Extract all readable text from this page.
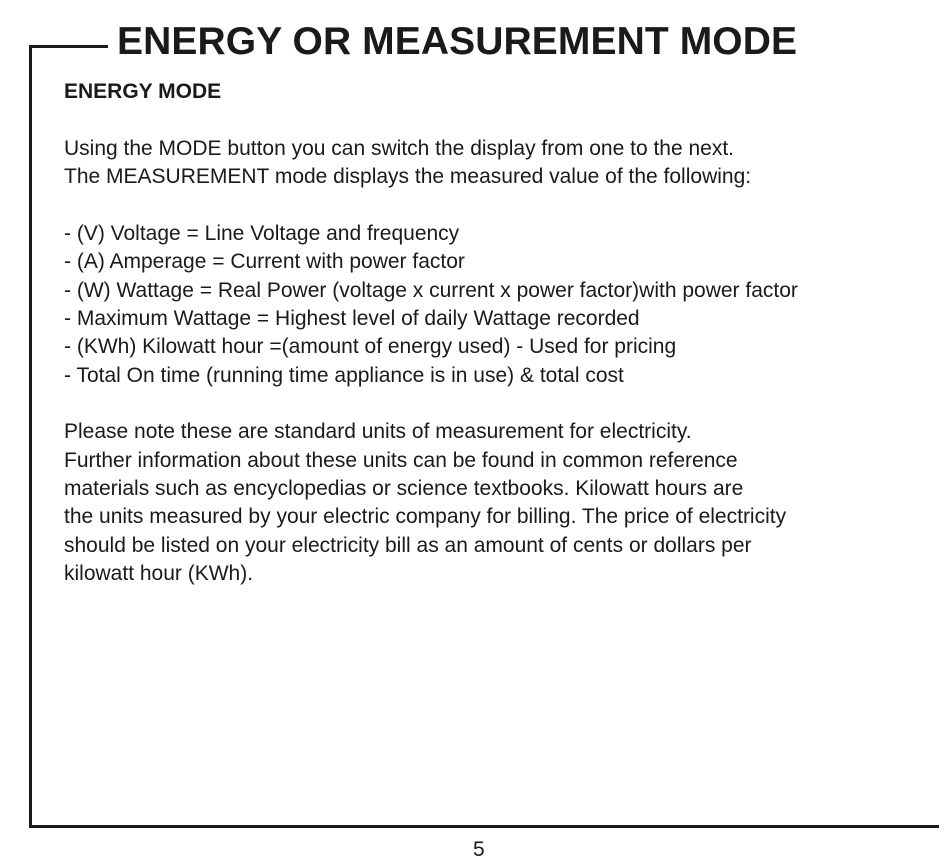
ENERGY OR MEASUREMENT MODE
ENERGY MODE

Using the MODE button you can switch the display from one to the next.
The MEASUREMENT mode displays the measured value of the following:

- (V) Voltage = Line Voltage and frequency
- (A) Amperage = Current with power factor
- (W) Wattage = Real Power (voltage x current x power factor)with power factor
- Maximum Wattage = Highest level of daily Wattage recorded
- (KWh) Kilowatt hour =(amount of energy used) - Used for pricing
- Total On time (running time appliance is in use) & total cost

Please note these are standard units of measurement for electricity.
Further information about these units can be found in common reference
materials such as encyclopedias or science textbooks. Kilowatt hours are
the units measured by your electric company for billing. The price of electricity
should be listed on your electricity bill as an amount of cents or dollars per
kilowatt hour (KWh).

5
